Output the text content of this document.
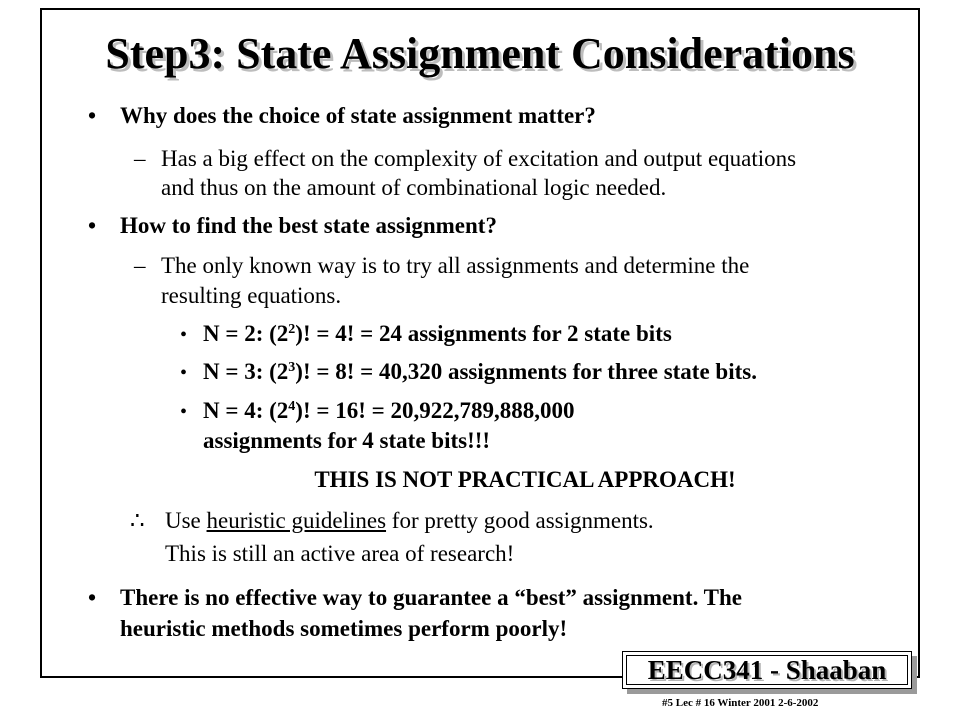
Step3: State Assignment Considerations
• Why does the choice of state assignment matter?
– Has a big effect on the complexity of excitation and output equations
and thus on the amount of combinational logic needed.
• How to find the best state assignment?
– The only known way is to try all assignments and determine the
resulting equations.
• N = 2: $(2^2)$! = 4! = 24 assignments for 2 state bits
• N = 3: $(2^3)$! = 8! = 40,320 assignments for three state bits.
• N = 4: $(2^4)$! = 16! = 20,922,789,888,000
assignments for 4 state bits!!!
THIS IS NOT PRACTICAL APPROACH!
∴ Use heuristic guidelines for pretty good assignments.
This is still an active area of research!
• There is no effective way to guarantee a “best” assignment. The
heuristic methods sometimes perform poorly!
EECC341 - Shaaban
#5 Lec # 16 Winter 2001 2-6-2002
